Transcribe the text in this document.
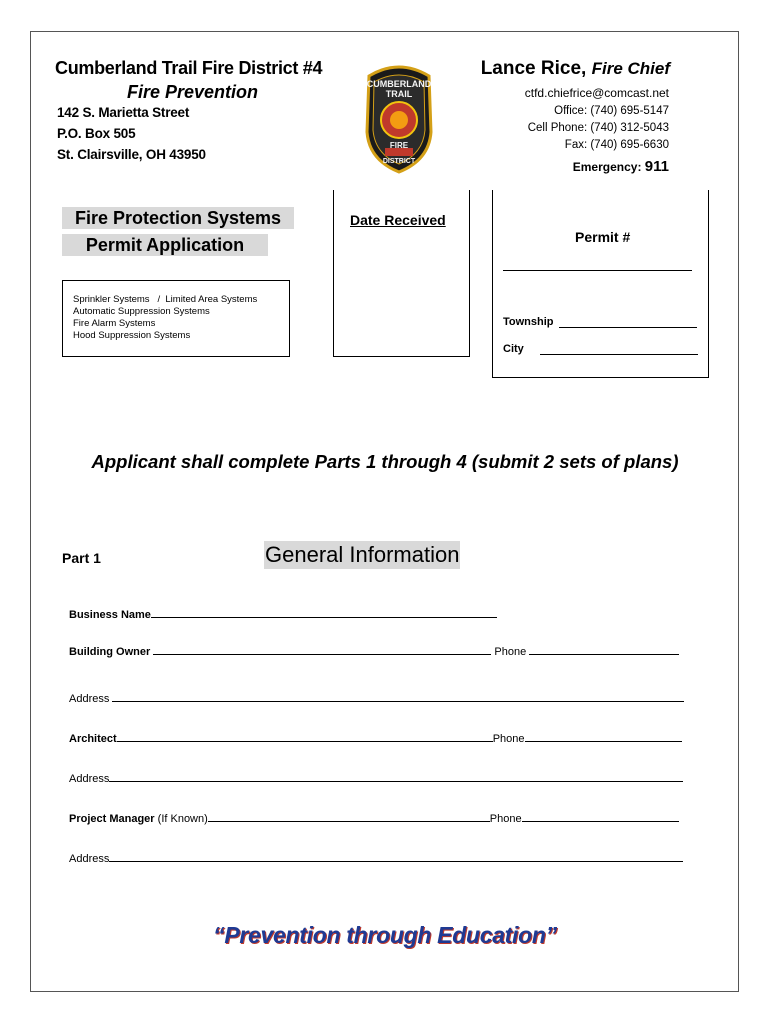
Cumberland Trail Fire District #4
Fire Prevention
142 S. Marietta Street
P.O. Box 505
St. Clairsville, OH 43950
CUMBERLAND
TRAIL
FIRE
DISTRICT
Lance Rice, Fire Chief
ctfd.chiefrice@comcast.net
Office: (740) 695-5147
Cell Phone: (740) 312-5043
Fax: (740) 695-6630
Emergency: 911
Fire Protection Systems
Permit Application
Sprinkler Systems   /  Limited Area Systems
Automatic Suppression Systems
Fire Alarm Systems
Hood Suppression Systems
Date Received
Permit #
Township
City
Applicant shall complete Parts 1 through 4 (submit 2 sets of plans)
Part 1	General Information
Business Name
Building Owner	Phone
Address
Architect	Phone
Address
Project Manager (If Known)	Phone
Address
“Prevention through Education”
